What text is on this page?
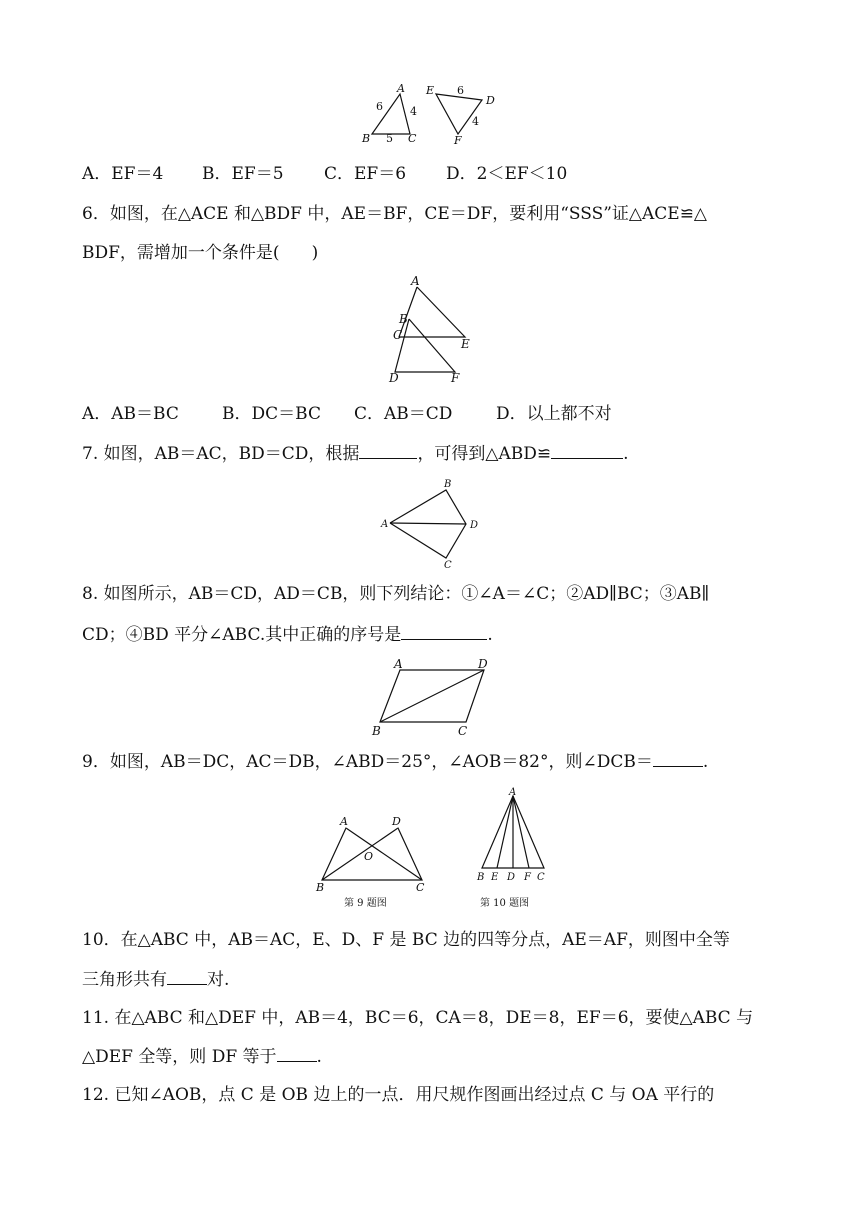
A
B	C
6 4
5
E
D
F
6
4
A．EF＝4 B．EF＝5 C．EF＝6 D．2＜EF＜10
6．如图，在△ACE 和△BDF 中，AE＝BF，CE＝DF，要利用“SSS”证△ACE≌△
BDF，需增加一个条件是( )
A
B
C
E
D	F
A．AB＝BC	B．DC＝BC C．AB＝CD	D．以上都不对
7. 如图，AB＝AC，BD＝CD，根据	，可得到△ABD≌	.
A
B
D
C
8. 如图所示，AB＝CD，AD＝CB，则下列结论：①∠A＝∠C；②AD∥BC；③AB∥
CD；④BD 平分∠ABC.其中正确的序号是	.
A	D
B	C
9．如图，AB＝DC，AC＝DB，∠ABD＝25°，∠AOB＝82°，则∠DCB＝	.
A	D
O
B	C
第 9 题图
A
B E D F C
第 10 题图
10．在△ABC 中，AB＝AC，E、D、F 是 BC 边的四等分点，AE＝AF，则图中全等
三角形共有 对.
11. 在△ABC 和△DEF 中，AB＝4，BC＝6，CA＝8，DE＝8，EF＝6，要使△ABC 与
△DEF 全等，则 DF 等于 .
12. 已知∠AOB，点 C 是 OB 边上的一点．用尺规作图画出经过点 C 与 OA 平行的
